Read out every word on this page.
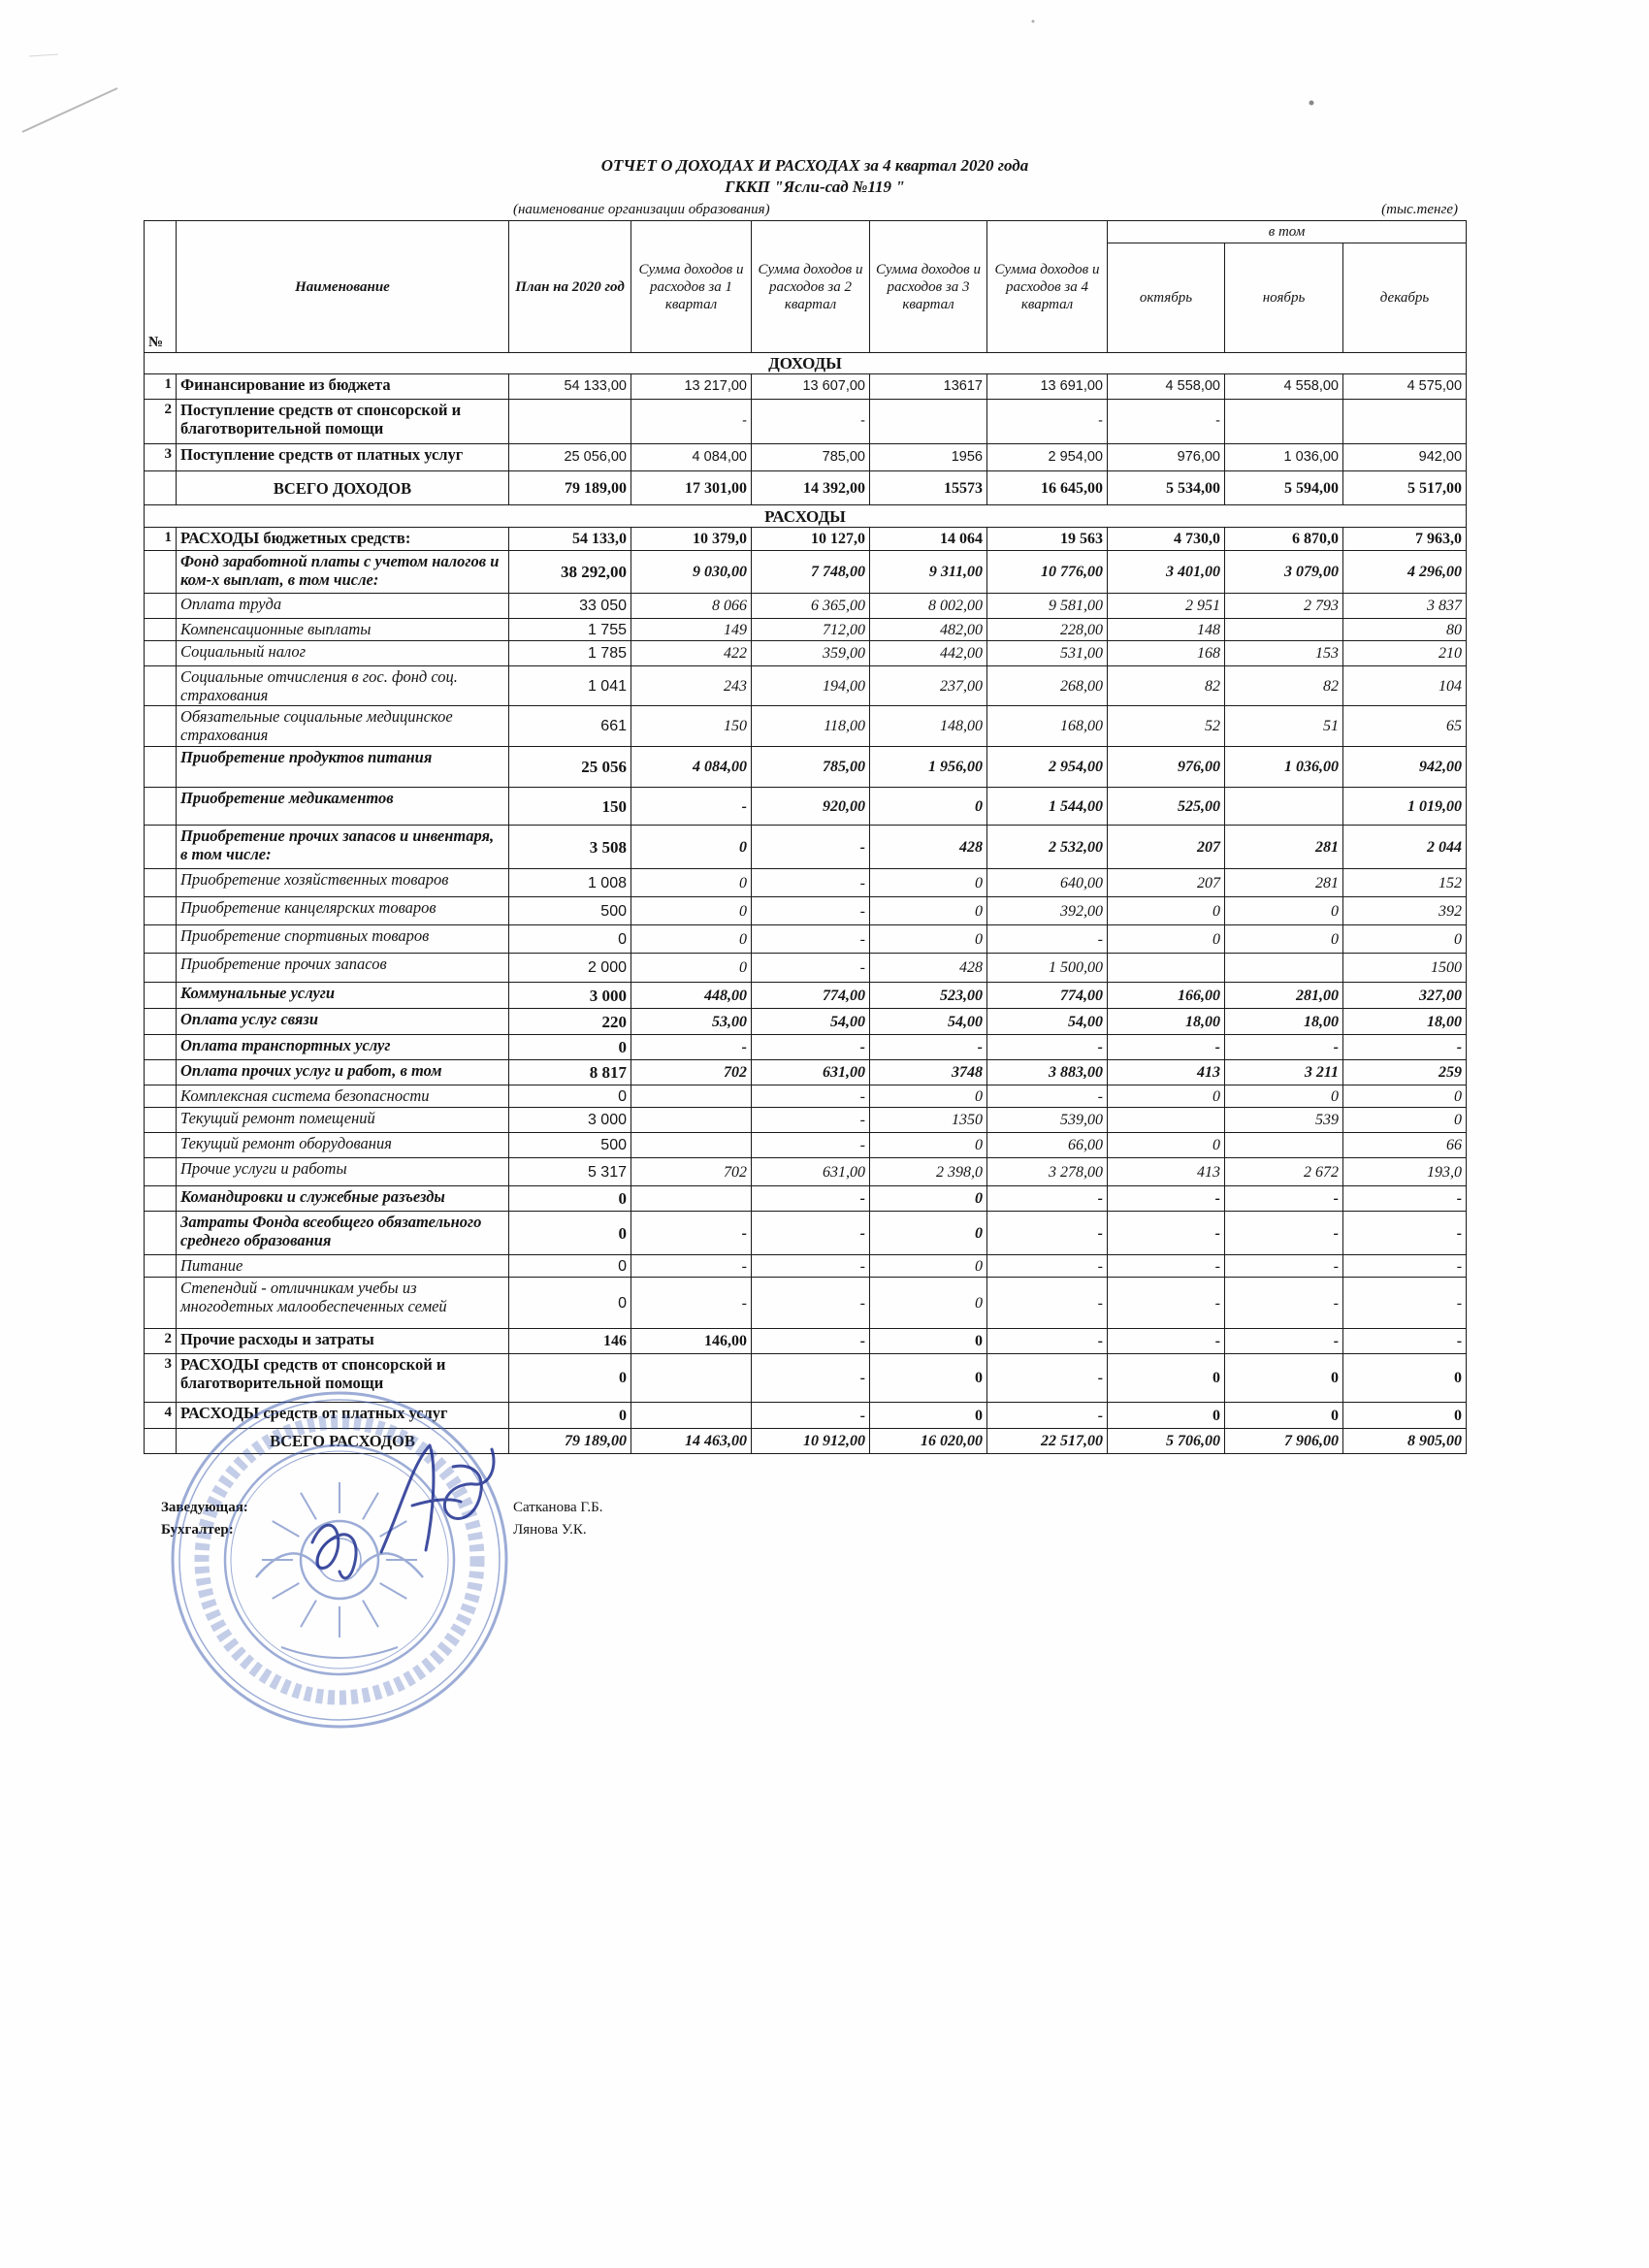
ОТЧЕТ О ДОХОДАХ И РАСХОДАХ за 4 квартал 2020 года
ГККП "Ясли-сад №119 "
(наименование организации образования)	(тыс.тенге)
№	Наименование	План на 2020 год	Сумма доходов и расходов за 1 квартал	Сумма доходов и расходов за 2 квартал	Сумма доходов и расходов за 3 квартал	Сумма доходов и расходов за 4 квартал	в том		
							октябрь	ноябрь	декабрь
ДОХОДЫ									
1	Финансирование из бюджета	54 133,00	13 217,00	13 607,00	13617	13 691,00	4 558,00	4 558,00	4 575,00
2	Поступление средств от спонсорской и благотворительной помощи		-	-		-	-		
3	Поступление средств от платных услуг	25 056,00	4 084,00	785,00	1956	2 954,00	976,00	1 036,00	942,00
	ВСЕГО ДОХОДОВ	79 189,00	17 301,00	14 392,00	15573	16 645,00	5 534,00	5 594,00	5 517,00
РАСХОДЫ									
1	РАСХОДЫ бюджетных средств:	54 133,0	10 379,0	10 127,0	14 064	19 563	4 730,0	6 870,0	7 963,0
	Фонд заработной платы с учетом налогов и ком-х выплат, в том числе:	38 292,00	9 030,00	7 748,00	9 311,00	10 776,00	3 401,00	3 079,00	4 296,00
	Оплата труда	33 050	8 066	6 365,00	8 002,00	9 581,00	2 951	2 793	3 837
	Компенсационные выплаты	1 755	149	712,00	482,00	228,00	148		80
	Социальный налог	1 785	422	359,00	442,00	531,00	168	153	210
	Социальные отчисления в гос. фонд соц. страхования	1 041	243	194,00	237,00	268,00	82	82	104
	Обязательные социальные медицинское страхования	661	150	118,00	148,00	168,00	52	51	65
	Приобретение продуктов питания	25 056	4 084,00	785,00	1 956,00	2 954,00	976,00	1 036,00	942,00
	Приобретение медикаментов	150	-	920,00	0	1 544,00	525,00		1 019,00
	Приобретение прочих запасов и инвентаря, в том числе:	3 508	0	-	428	2 532,00	207	281	2 044
	Приобретение хозяйственных товаров	1 008	0	-	0	640,00	207	281	152
	Приобретение канцелярских товаров	500	0	-	0	392,00	0	0	392
	Приобретение спортивных товаров	0	0	-	0	-	0	0	0
	Приобретение прочих запасов	2 000	0	-	428	1 500,00			1500
	Коммунальные услуги	3 000	448,00	774,00	523,00	774,00	166,00	281,00	327,00
	Оплата услуг связи	220	53,00	54,00	54,00	54,00	18,00	18,00	18,00
	Оплата транспортных услуг	0	-	-	-	-	-	-	-
	Оплата прочих услуг и работ, в том	8 817	702	631,00	3748	3 883,00	413	3 211	259
	Комплексная система безопасности	0		-	0	-	0	0	0
	Текущий ремонт помещений	3 000		-	1350	539,00		539	0
	Текущий ремонт оборудования	500		-	0	66,00	0		66
	Прочие услуги и работы	5 317	702	631,00	2 398,0	3 278,00	413	2 672	193,0
	Командировки и служебные разъезды	0		-	0	-	-	-	-
	Затраты Фонда всеобщего обязательного среднего образования	0	-	-	0	-	-	-	-
	Питание	0	-	-	0	-	-	-	-
	Степендий - отличникам учебы из многодетных малообеспеченных семей	0	-	-	0	-	-	-	-
2	Прочие расходы и затраты	146	146,00	-	0	-	-	-	-
3	РАСХОДЫ средств от спонсорской и благотворительной помощи	0		-	0	-	0	0	0
4	РАСХОДЫ средств от платных услуг	0		-	0	-	0	0	0
	ВСЕГО РАСХОДОВ	79 189,00	14 463,00	10 912,00	16 020,00	22 517,00	5 706,00	7 906,00	8 905,00
Заведующая:	Сатканова Г.Б.
Бухгалтер:	Лянова У.К.
